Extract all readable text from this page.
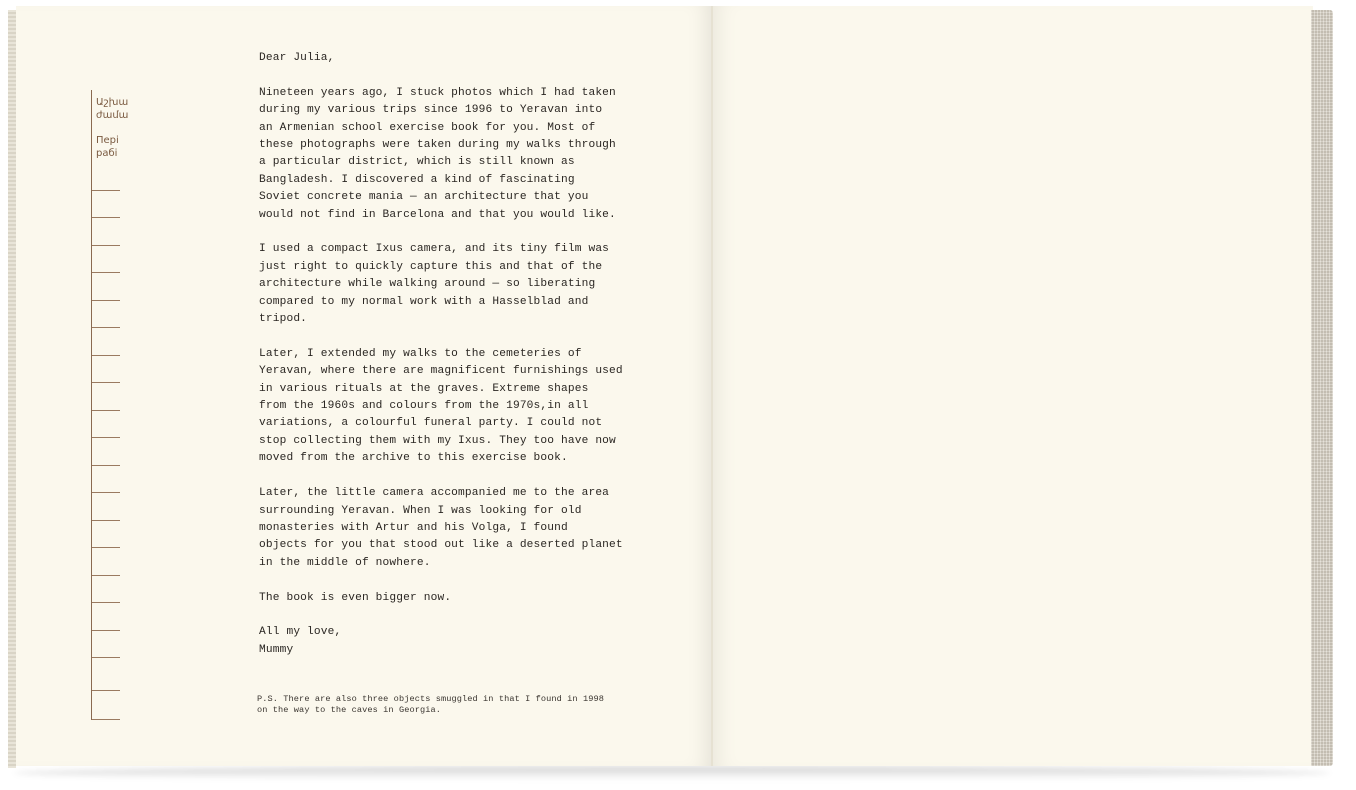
Աշխա
ժամա
Пері
рабі

Dear Julia,

Nineteen years ago, I stuck photos which I had taken
during my various trips since 1996 to Yeravan into
an Armenian school exercise book for you. Most of
these photographs were taken during my walks through
a particular district, which is still known as
Bangladesh. I discovered a kind of fascinating
Soviet concrete mania — an architecture that you
would not find in Barcelona and that you would like.

I used a compact Ixus camera, and its tiny film was
just right to quickly capture this and that of the
architecture while walking around — so liberating
compared to my normal work with a Hasselblad and
tripod.

Later, I extended my walks to the cemeteries of
Yeravan, where there are magnificent furnishings used
in various rituals at the graves. Extreme shapes
from the 1960s and colours from the 1970s,in all
variations, a colourful funeral party. I could not
stop collecting them with my Ixus. They too have now
moved from the archive to this exercise book.

Later, the little camera accompanied me to the area
surrounding Yeravan. When I was looking for old
monasteries with Artur and his Volga, I found
objects for you that stood out like a deserted planet
in the middle of nowhere.

The book is even bigger now.

All my love,
Mummy

P.S. There are also three objects smuggled in that I found in 1998
on the way to the caves in Georgia.
